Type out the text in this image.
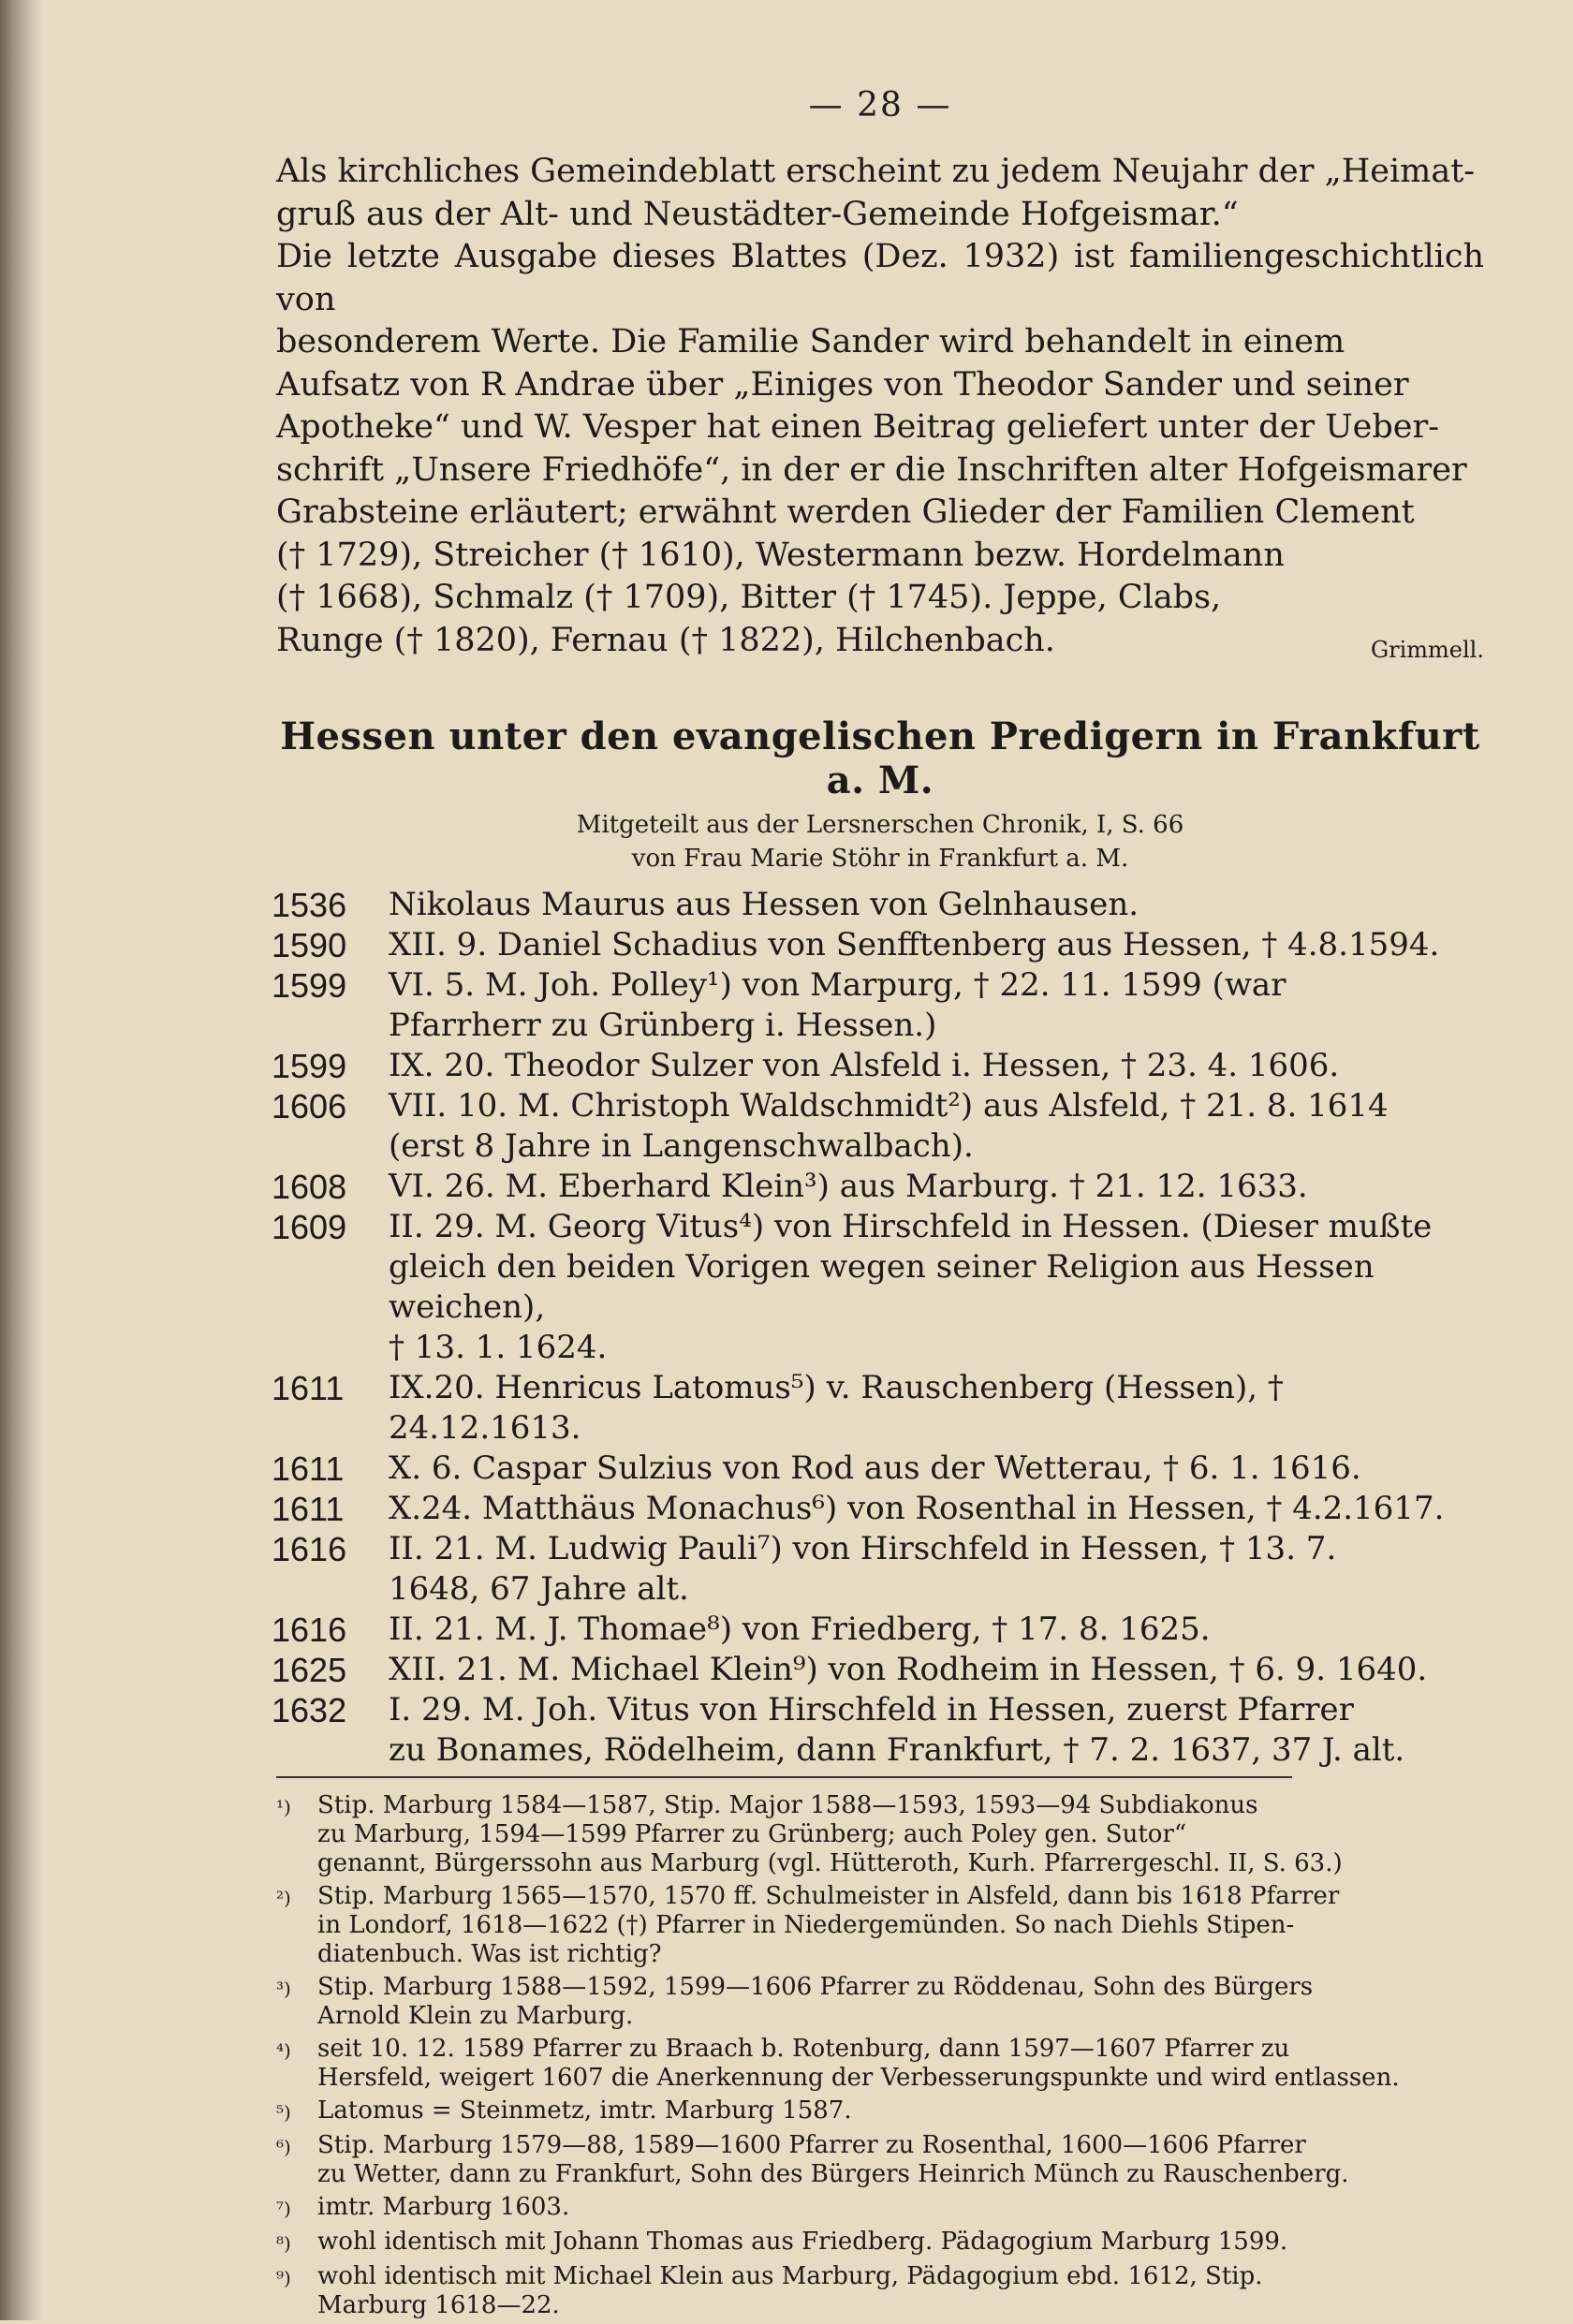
— 28 —

Als kirchliches Gemeindeblatt erscheint zu jedem Neujahr der „Heimat-

gruß aus der Alt- und Neustädter-Gemeinde Hofgeismar.“

Die letzte Ausgabe dieses Blattes (Dez. 1932) ist familiengeschichtlich von

besonderem Werte. Die Familie Sander wird behandelt in einem

Aufsatz von R Andrae über „Einiges von Theodor Sander und seiner

Apotheke“ und W. Vesper hat einen Beitrag geliefert unter der Ueber-

schrift „Unsere Friedhöfe“, in der er die Inschriften alter Hofgeismarer

Grabsteine erläutert; erwähnt werden Glieder der Familien Clement

(† 1729), Streicher († 1610), Westermann bezw. Hordelmann

(† 1668), Schmalz († 1709), Bitter († 1745). Jeppe, Clabs,

Runge († 1820), Fernau († 1822), Hilchenbach.	Grimmell.

Hessen unter den evangelischen Predigern in Frankfurt a. M.

Mitgeteilt aus der Lersnerschen Chronik, I, S. 66

von Frau Marie Stöhr in Frankfurt a. M.

1536	Nikolaus Maurus aus Hessen von Gelnhausen.
1590	XII. 9. Daniel Schadius von Senfftenberg aus Hessen, † 4.8.1594.
1599	VI. 5. M. Joh. Polley¹) von Marpurg, † 22. 11. 1599 (war
Pfarrherr zu Grünberg i. Hessen.)
1599	IX. 20. Theodor Sulzer von Alsfeld i. Hessen, † 23. 4. 1606.
1606	VII. 10. M. Christoph Waldschmidt²) aus Alsfeld, † 21. 8. 1614
(erst 8 Jahre in Langenschwalbach).
1608	VI. 26. M. Eberhard Klein³) aus Marburg. † 21. 12. 1633.
1609	II. 29. M. Georg Vitus⁴) von Hirschfeld in Hessen. (Dieser mußte
gleich den beiden Vorigen wegen seiner Religion aus Hessen weichen),
† 13. 1. 1624.
1611	IX.20. Henricus Latomus⁵) v. Rauschenberg (Hessen), † 24.12.1613.
1611	X. 6. Caspar Sulzius von Rod aus der Wetterau, † 6. 1. 1616.
1611	X.24. Matthäus Monachus⁶) von Rosenthal in Hessen, † 4.2.1617.
1616	II. 21. M. Ludwig Pauli⁷) von Hirschfeld in Hessen, † 13. 7.
1648, 67 Jahre alt.
1616	II. 21. M. J. Thomae⁸) von Friedberg, † 17. 8. 1625.
1625	XII. 21. M. Michael Klein⁹) von Rodheim in Hessen, † 6. 9. 1640.
1632	I. 29. M. Joh. Vitus von Hirschfeld in Hessen, zuerst Pfarrer
zu Bonames, Rödelheim, dann Frankfurt, † 7. 2. 1637, 37 J. alt.
¹)	Stip. Marburg 1584—1587, Stip. Major 1588—1593, 1593—94 Subdiakonus
zu Marburg, 1594—1599 Pfarrer zu Grünberg; auch Poley gen. Sutor“
genannt, Bürgerssohn aus Marburg (vgl. Hütteroth, Kurh. Pfarrergeschl. II, S. 63.)
²)	Stip. Marburg 1565—1570, 1570 ff. Schulmeister in Alsfeld, dann bis 1618 Pfarrer
in Londorf, 1618—1622 (†) Pfarrer in Niedergemünden. So nach Diehls Stipen-
diatenbuch. Was ist richtig?
³)	Stip. Marburg 1588—1592, 1599—1606 Pfarrer zu Röddenau, Sohn des Bürgers
Arnold Klein zu Marburg.
⁴)	seit 10. 12. 1589 Pfarrer zu Braach b. Rotenburg, dann 1597—1607 Pfarrer zu
Hersfeld, weigert 1607 die Anerkennung der Verbesserungspunkte und wird entlassen.
⁵)	Latomus = Steinmetz, imtr. Marburg 1587.
⁶)	Stip. Marburg 1579—88, 1589—1600 Pfarrer zu Rosenthal, 1600—1606 Pfarrer
zu Wetter, dann zu Frankfurt, Sohn des Bürgers Heinrich Münch zu Rauschenberg.
⁷)	imtr. Marburg 1603.
⁸)	wohl identisch mit Johann Thomas aus Friedberg. Pädagogium Marburg 1599.
⁹)	wohl identisch mit Michael Klein aus Marburg, Pädagogium ebd. 1612, Stip.
Marburg 1618—22.
